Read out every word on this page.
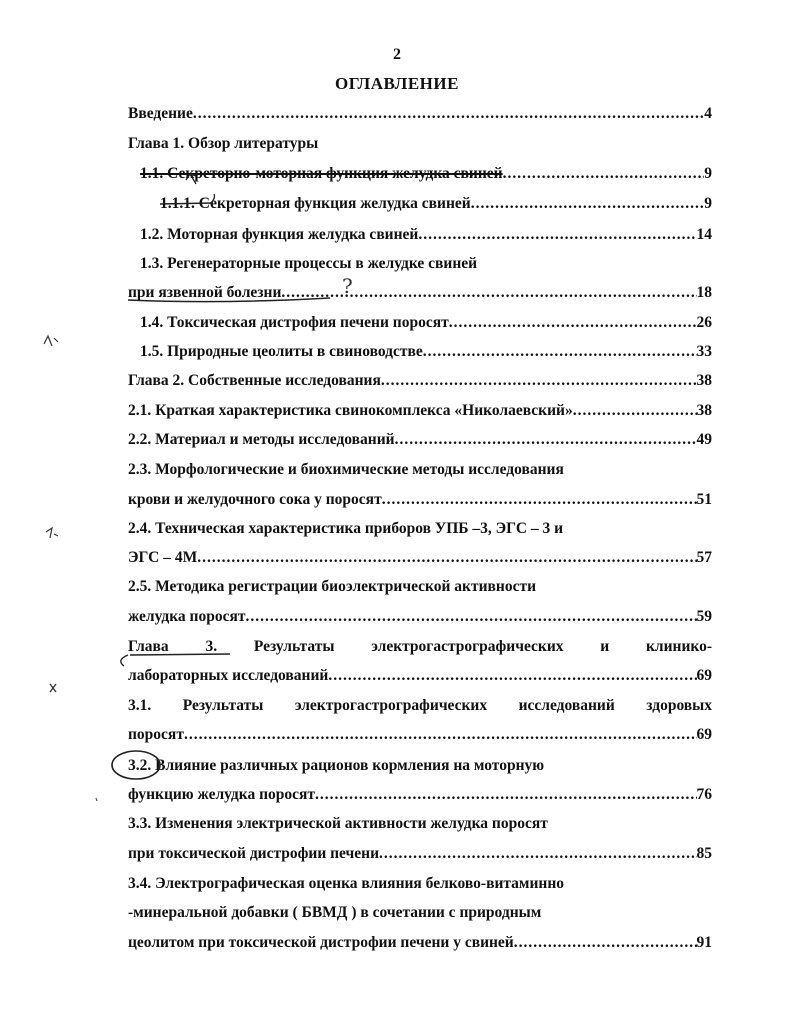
2
ОГЛАВЛЕНИЕ
Введение .....	4
Глава 1. Обзор литературы
1.1. Секреторно-моторная функция желудка свиней .....	9
1.1.1. Секреторная функция желудка свиней .....	9
1.2. Моторная функция желудка свиней .....	14
1.3. Регенераторные процессы в желудке свиней
при язвенной болезни .....	18
1.4. Токсическая дистрофия печени поросят .....	26
1.5. Природные цеолиты в свиноводстве .....	33
Глава 2. Собственные исследования .....	38
2.1. Краткая характеристика свинокомплекса «Николаевский» .....	38
2.2. Материал и методы исследований .....	49
2.3. Морфологические и биохимические методы исследования
крови и желудочного сока у поросят .....	51
2.4. Техническая характеристика приборов УПБ –3, ЭГС – 3 и
ЭГС – 4М .....	57
2.5. Методика регистрации биоэлектрической активности
желудка поросят .....	59
Глава 3. Результаты электрогастрографических и клинико-
лабораторных исследований .....	69
3.1. Результаты электрогастрографических исследований здоровых
поросят .....	69
3.2. Влияние различных рационов кормления на моторную
функцию желудка поросят .....	76
3.3. Изменения электрической активности желудка поросят
при токсической дистрофии печени .....	85
3.4. Электрографическая оценка влияния белково-витаминно
-минеральной добавки ( БВМД ) в сочетании с природным
цеолитом при токсической дистрофии печени у свиней .....	91
?
